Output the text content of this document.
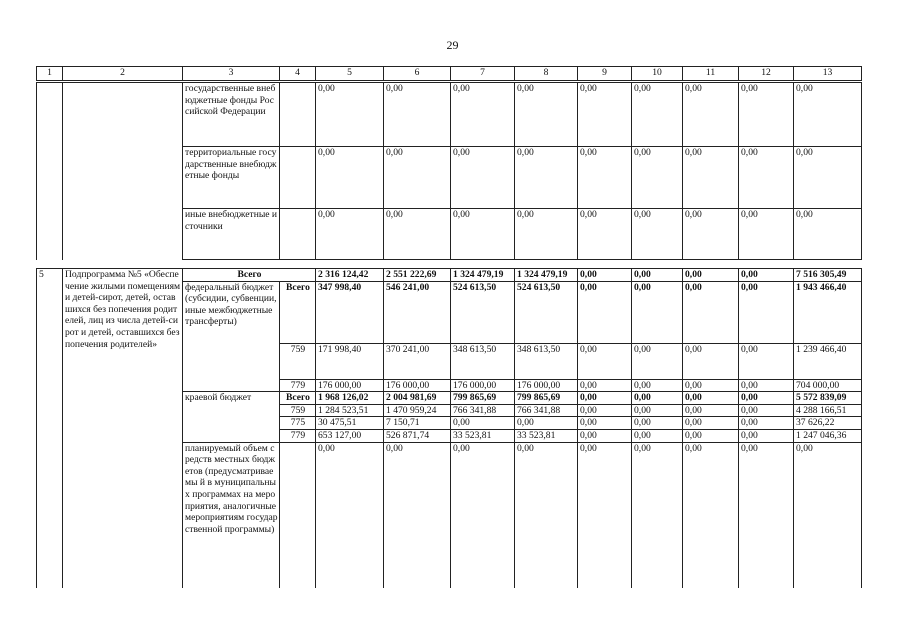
29
1	2	3	4	5	6	7	8	9	10	11	12	13
		государственные внебюджетные фонды Российской Федерации		0,00	0,00	0,00	0,00	0,00	0,00	0,00	0,00	0,00
		территориальные государственные внебюджетные фонды		0,00	0,00	0,00	0,00	0,00	0,00	0,00	0,00	0,00
		иные внебюджетные источники		0,00	0,00	0,00	0,00	0,00	0,00	0,00	0,00	0,00

5	Подпрограмма №5 «Обеспечение жилыми помещениями детей-сирот, детей, оставшихся без попечения родителей, лиц из числа детей-сирот и детей, оставшихся без попечения родителей»	Всего		2 316 124,42	2 551 222,69	1 324 479,19	1 324 479,19	0,00	0,00	0,00	0,00	7 516 305,49
		федеральный бюджет (субсидии, субвенции, иные межбюджетные трансферты)	Всего	347 998,40	546 241,00	524 613,50	524 613,50	0,00	0,00	0,00	0,00	1 943 466,40
			759	171 998,40	370 241,00	348 613,50	348 613,50	0,00	0,00	0,00	0,00	1 239 466,40
			779	176 000,00	176 000,00	176 000,00	176 000,00	0,00	0,00	0,00	0,00	704 000,00
		краевой бюджет	Всего	1 968 126,02	2 004 981,69	799 865,69	799 865,69	0,00	0,00	0,00	0,00	5 572 839,09
			759	1 284 523,51	1 470 959,24	766 341,88	766 341,88	0,00	0,00	0,00	0,00	4 288 166,51
			775	30 475,51	7 150,71	0,00	0,00	0,00	0,00	0,00	0,00	37 626,22
			779	653 127,00	526 871,74	33 523,81	33 523,81	0,00	0,00	0,00	0,00	1 247 046,36
		планируемый объем средств местных бюджетов (предусматриваемы й в муниципальных программах на мероприятия, аналогичные мероприятиям государственной программы)		0,00	0,00	0,00	0,00	0,00	0,00	0,00	0,00	0,00
